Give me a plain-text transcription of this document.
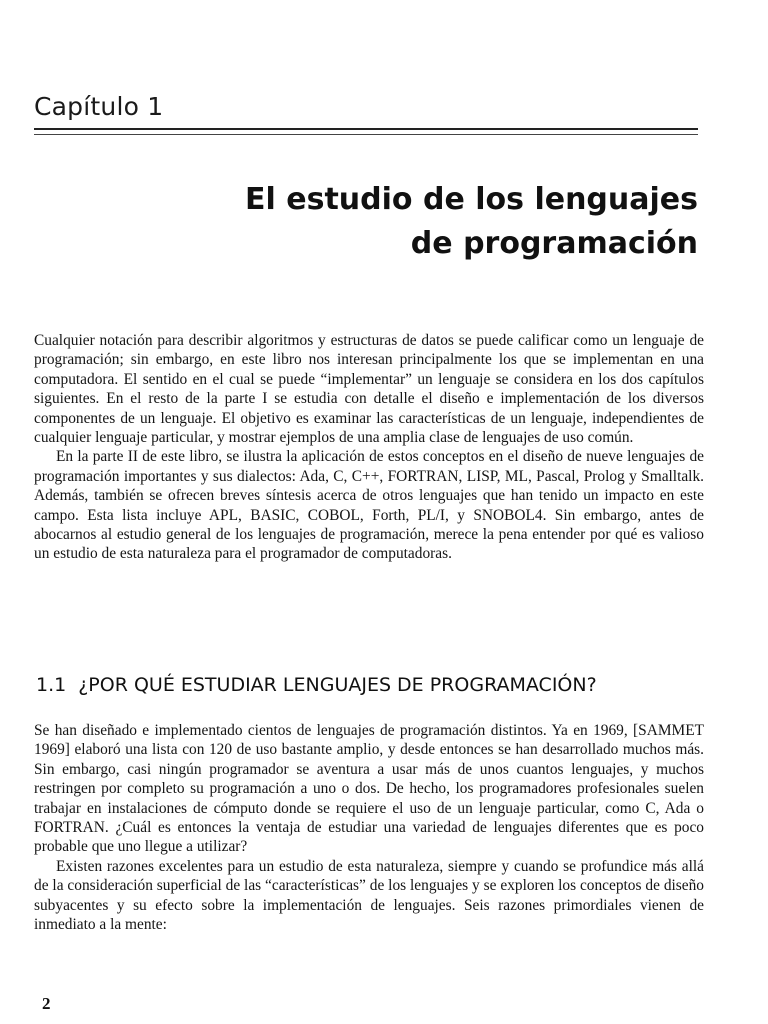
Capítulo 1
El estudio de los lenguajes
de programación

Cualquier notación para describir algoritmos y estructuras de datos se puede calificar como un lenguaje de programación; sin embargo, en este libro nos interesan principalmente los que se implementan en una computadora. El sentido en el cual se puede “implementar” un lenguaje se considera en los dos capítulos siguientes. En el resto de la parte I se estudia con detalle el diseño e implementación de los diversos componentes de un lenguaje. El objetivo es examinar las características de un lenguaje, independientes de cualquier lenguaje particular, y mostrar ejemplos de una amplia clase de lenguajes de uso común.

En la parte II de este libro, se ilustra la aplicación de estos conceptos en el diseño de nueve lenguajes de programación importantes y sus dialectos: Ada, C, C++, FORTRAN, LISP, ML, Pascal, Prolog y Smalltalk. Además, también se ofrecen breves síntesis acerca de otros lenguajes que han tenido un impacto en este campo. Esta lista incluye APL, BASIC, COBOL, Forth, PL/I, y SNOBOL4. Sin embargo, antes de abocarnos al estudio general de los lenguajes de programación, merece la pena entender por qué es valioso un estudio de esta naturaleza para el programador de computadoras.

1.1 ¿POR QUÉ ESTUDIAR LENGUAJES DE PROGRAMACIÓN?

Se han diseñado e implementado cientos de lenguajes de programación distintos. Ya en 1969, [SAMMET 1969] elaboró una lista con 120 de uso bastante amplio, y desde entonces se han desarrollado muchos más. Sin embargo, casi ningún programador se aventura a usar más de unos cuantos lenguajes, y muchos restringen por completo su programación a uno o dos. De hecho, los programadores profesionales suelen trabajar en instalaciones de cómputo donde se requiere el uso de un lenguaje particular, como C, Ada o FORTRAN. ¿Cuál es entonces la ventaja de estudiar una variedad de lenguajes diferentes que es poco probable que uno llegue a utilizar?

Existen razones excelentes para un estudio de esta naturaleza, siempre y cuando se profundice más allá de la consideración superficial de las “características” de los lenguajes y se exploren los conceptos de diseño subyacentes y su efecto sobre la implementación de lenguajes. Seis razones primordiales vienen de inmediato a la mente:

2
